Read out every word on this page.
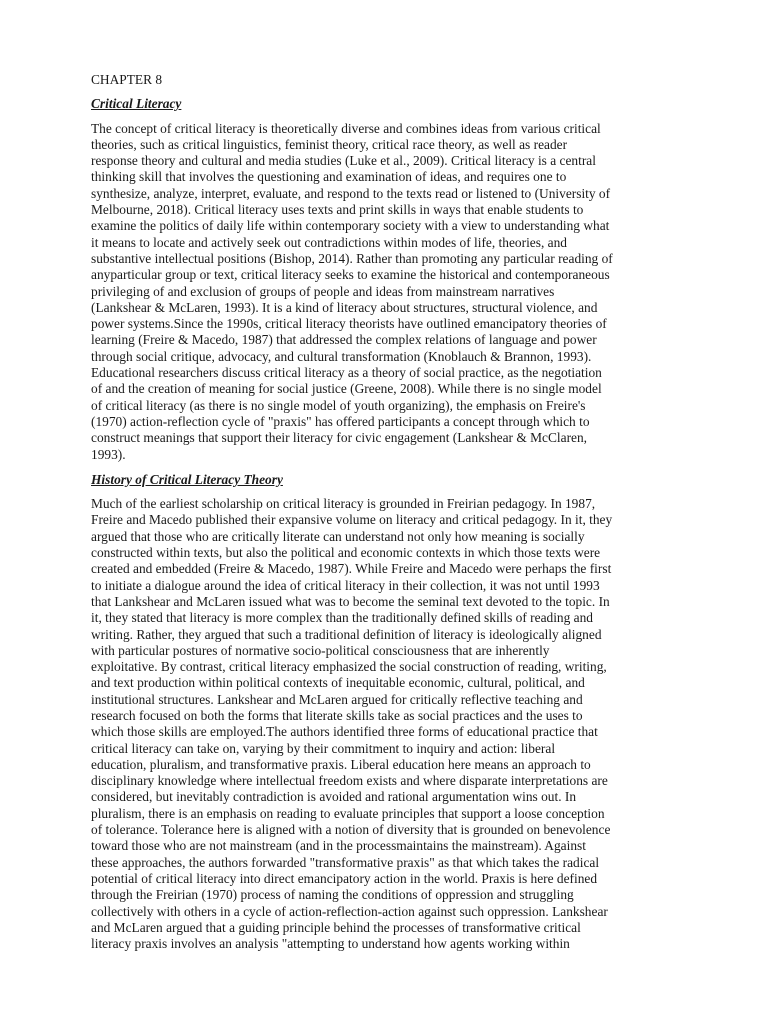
CHAPTER 8

Critical Literacy

The concept of critical literacy is theoretically diverse and combines ideas from various critical
theories, such as critical linguistics, feminist theory, critical race theory, as well as reader
response theory and cultural and media studies (Luke et al., 2009). Critical literacy is a central
thinking skill that involves the questioning and examination of ideas, and requires one to
synthesize, analyze, interpret, evaluate, and respond to the texts read or listened to (University of
Melbourne, 2018). Critical literacy uses texts and print skills in ways that enable students to
examine the politics of daily life within contemporary society with a view to understanding what
it means to locate and actively seek out contradictions within modes of life, theories, and
substantive intellectual positions (Bishop, 2014). Rather than promoting any particular reading of
anyparticular group or text, critical literacy seeks to examine the historical and contemporaneous
privileging of and exclusion of groups of people and ideas from mainstream narratives
(Lankshear & McLaren, 1993). It is a kind of literacy about structures, structural violence, and
power systems.Since the 1990s, critical literacy theorists have outlined emancipatory theories of
learning (Freire & Macedo, 1987) that addressed the complex relations of language and power
through social critique, advocacy, and cultural transformation (Knoblauch & Brannon, 1993).
Educational researchers discuss critical literacy as a theory of social practice, as the negotiation
of and the creation of meaning for social justice (Greene, 2008). While there is no single model
of critical literacy (as there is no single model of youth organizing), the emphasis on Freire's
(1970) action-reflection cycle of "praxis" has offered participants a concept through which to
construct meanings that support their literacy for civic engagement (Lankshear & McClaren,
1993).

History of Critical Literacy Theory

Much of the earliest scholarship on critical literacy is grounded in Freirian pedagogy. In 1987,
Freire and Macedo published their expansive volume on literacy and critical pedagogy. In it, they
argued that those who are critically literate can understand not only how meaning is socially
constructed within texts, but also the political and economic contexts in which those texts were
created and embedded (Freire & Macedo, 1987). While Freire and Macedo were perhaps the first
to initiate a dialogue around the idea of critical literacy in their collection, it was not until 1993
that Lankshear and McLaren issued what was to become the seminal text devoted to the topic. In
it, they stated that literacy is more complex than the traditionally defined skills of reading and
writing. Rather, they argued that such a traditional definition of literacy is ideologically aligned
with particular postures of normative socio-political consciousness that are inherently
exploitative. By contrast, critical literacy emphasized the social construction of reading, writing,
and text production within political contexts of inequitable economic, cultural, political, and
institutional structures. Lankshear and McLaren argued for critically reflective teaching and
research focused on both the forms that literate skills take as social practices and the uses to
which those skills are employed.The authors identified three forms of educational practice that
critical literacy can take on, varying by their commitment to inquiry and action: liberal
education, pluralism, and transformative praxis. Liberal education here means an approach to
disciplinary knowledge where intellectual freedom exists and where disparate interpretations are
considered, but inevitably contradiction is avoided and rational argumentation wins out. In
pluralism, there is an emphasis on reading to evaluate principles that support a loose conception
of tolerance. Tolerance here is aligned with a notion of diversity that is grounded on benevolence
toward those who are not mainstream (and in the processmaintains the mainstream). Against
these approaches, the authors forwarded "transformative praxis" as that which takes the radical
potential of critical literacy into direct emancipatory action in the world. Praxis is here defined
through the Freirian (1970) process of naming the conditions of oppression and struggling
collectively with others in a cycle of action-reflection-action against such oppression. Lankshear
and McLaren argued that a guiding principle behind the processes of transformative critical
literacy praxis involves an analysis "attempting to understand how agents working within
